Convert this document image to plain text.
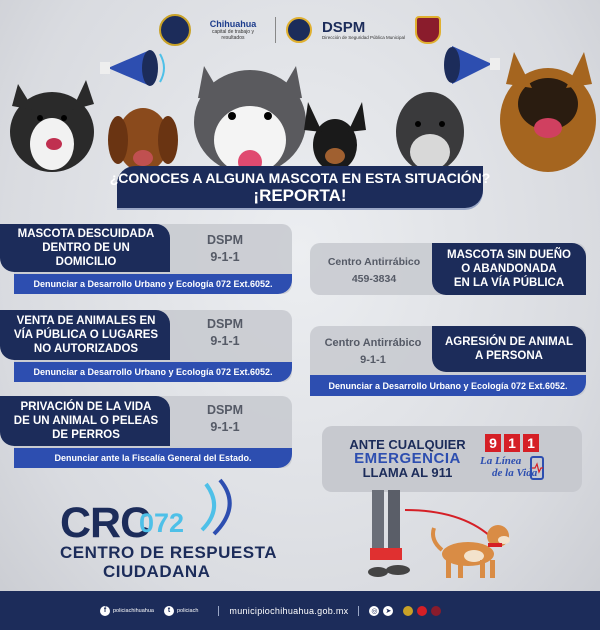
Chihuahua
capital de trabajo y resultados
DSPM
Dirección de Seguridad Pública Municipal
¿CONOCES A ALGUNA MASCOTA EN ESTA SITUACIÓN?
¡REPORTA!
MASCOTA DESCUIDADA
DENTRO DE UN
DOMICILIO
DSPM
9-1-1
Denunciar a Desarrollo Urbano y Ecología 072 Ext.6052.
VENTA DE ANIMALES EN
VÍA PÚBLICA O LUGARES
NO AUTORIZADOS
DSPM
9-1-1
Denunciar a Desarrollo Urbano y Ecología 072 Ext.6052.
PRIVACIÓN DE LA VIDA
DE UN ANIMAL O PELEAS
DE PERROS
DSPM
9-1-1
Denunciar ante la Fiscalía General del Estado.
Centro Antirrábico
459-3834
MASCOTA SIN DUEÑO
O ABANDONADA
EN LA VÍA PÚBLICA
Centro Antirrábico
9-1-1
AGRESIÓN DE ANIMAL
A PERSONA
Denunciar a Desarrollo Urbano y Ecología 072 Ext.6052.
ANTE CUALQUIER
EMERGENCIA
LLAMA AL 911
9 1 1
La Línea
de la Vida
CRC
072
CENTRO DE RESPUESTA
CIUDADANA
f	policiachihuahua	t	policiach	municipiochihuahua.gob.mx	◎ ➤
